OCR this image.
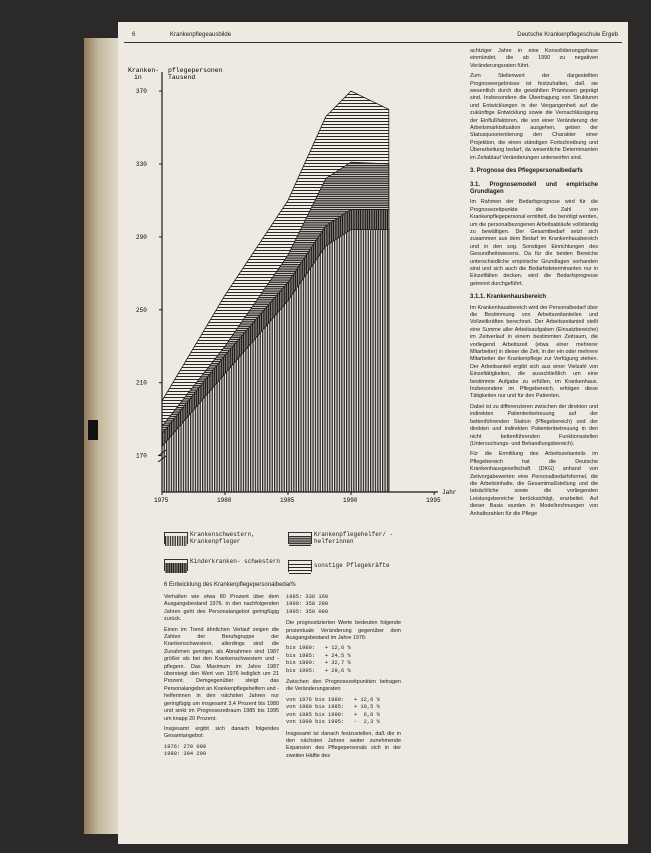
6	Krankenpflegeausbilde	Deutsche Krankenpflegeschule Ergeb
Kranken- pflegepersonen
in	Tausend
Jahr
170
210
250
290
330
370
1975	1980	1985	1990	1995
Krankenschwestern, Krankenpfleger
Krankenpflegehelfer/ -helferinnen
Kinderkranken- schwestern
sonstige Pflegekräfte
6 Entwicklung des Krankenpflegepersonalbedarfs

Verhalten wie etwa 80 Prozent über dem Ausgangsbestand 1976. In den nachfolgenden Jahren geht des Personalangebot geringfügig zurück.

Einen im Trend ähnlichen Verlauf zeigen die Zahlen der Berufsgruppe der Krankenschwestern, allerdings sind die Zunahmen geringer, als Abnahmen sind 1987 größer als bei den Krankenschwestern und -pflegern. Das Maximum im Jahre 1987 übersteigt den Wert von 1976 lediglich um 21 Prozent. Demgegenüber steigt das Personalangebot an Krankenpflegehelfern und -helferinnen in den nächsten Jahren nur geringfügig um insgesamt 3,4 Prozent bis 1980 und sinkt im Prognosezeitraum 1985 bis 1995 um knapp 20 Prozent.

Insgesamt ergibt sich danach folgendes Gesamtangebot:

1976: 270 000
1980: 304 290
1985: 336 160
1990: 358 280
1995: 350 080

Die prognostizierten Werte bedeuten folgende prozentuale Veränderung gegenüber dem Ausgangsbestand im Jahre 1976:

bis 1980:   + 12,6 %
bis 1985:   + 24,5 %
bis 1990:   + 32,7 %
bis 1995:   + 29,6 %

Zwischen den Prognosezeitpunkten betragen die Veränderungsraten

von 1976 bis 1980:   + 12,6 %
von 1980 bis 1985:   + 10,5 %
von 1985 bis 1990:   +  6,6 %
von 1990 bis 1995:   -  2,3 %

Insgesamt ist danach festzustellen, daß die in den nächsten Jahren weiter zunehmende Expansion des Pflegepersonals sich in der zweiten Hälfte des

achtziger Jahre in eine Konsolidierungsphase einmündet, die ab 1990 zu negativen Veränderungsraten führt.

Zum Stellenwert der dargestellten Prognoseergebnisse ist festzuhalten, daß sie wesentlich durch die gewählten Prämissen geprägt sind. Insbesondere die Übertragung von Strukturen und Entwicklungen in der Vergangenheit auf die zukünftige Entwicklung sowie die Vernachlässigung der Einflußfaktoren, die von einer Veränderung der Arbeitsmarktsituation ausgehen, geben der Statusquoorientierung den Charakter einer Projektion, die einen ständigen Fortschreibung und Überarbeitung bedarf, da wesentliche Determinanten im Zeitablauf Veränderungen unterworfen sind.

3. Prognose des Pflegepersonalbedarfs
3.1. Prognosemodell und empirische Grundlagen

Im Rahmen der Bedarfsprognose wird für die Prognosezeitpunkte die Zahl von Krankenpflegepersonal ermittelt, die benötigt werden, um die personalbezogenen Arbeitsabläufe vollständig zu bewältigen. Der Gesamtbedarf setzt sich zusammen aus dem Bedarf im Krankenhausbereich und in den sog. Sonstigen Einrichtungen des Gesundheitswesens. Da für die beiden Bereiche unterschiedliche empirische Grundlagen vorhanden sind und sich auch die Bedarfsdeterminanten nur in Einzelfällen decken, wird die Bedarfsprognose getrennt durchgeführt.

3.1.1. Krankenhausbereich

Im Krankenhausbereich wird der Personalbedarf über die Bestimmung von Arbeitszeitanteilen und Vollzeitkräften berechnet. Der Arbeitszeitanteil stellt eine Summe aller Arbeitsaufgaben (Einsatzbereiche) im Zeitverlauf in einem bestimmten Zeitraum, die vorliegend Arbeitszeit (etwa einer mehrerer Mitarbeiter) in dieser die Zeit, in der ein oder mehrere Mitarbeiter der Krankenpflege zur Verfügung stehen. Der Arbeitsanteil ergibt sich aus einer Vielzahl von Einzeltätigkeiten, die ausschließlich um eine bestimmte Aufgabe zu erfüllen, im Krankenhaus. Insbesondere im Pflegebereich, erfolgen diese Tätigkeiten nur und für den Patienten.

Dabei ist zu differenzieren zwischen der direkten und indirekten Patientenbetreuung auf der bettenführenden Station (Pflegebereich) und der direkten und indirekten Patientenbetreuung in den nicht bettenführenden Funktionsstellen (Untersuchungs- und Behandlungsbereich).

Für die Ermittlung des Arbeitszeitanteils im Pflegebereich hat die Deutsche Krankenhausgesellschaft (DKG) anhand von Zeitvorgabewerten eine Personalbedarfsformel, die die Arbeitsinhalte, die Gesamtmaßstellung und die tatsächliche sowie die vorliegenden Leistungsbereiche berücksichtigt, erarbeitet. Auf dieser Basis wurden in Modellrechnungen von Anhaltszahlen für die Pflege
